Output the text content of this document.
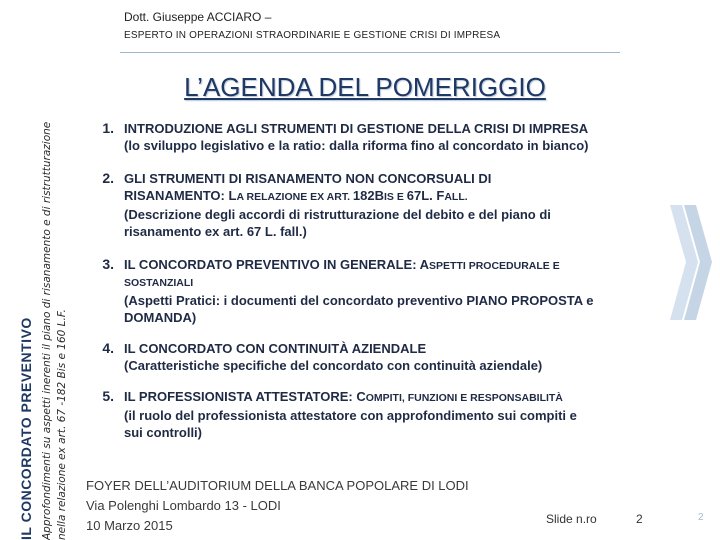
IL CONCORDATO PREVENTIVO Approfondimenti su aspetti inerenti il piano di risanamento e di ristrutturazione nella relazione ex art. 67 -182 Bis e 160 L.F.
Dott. Giuseppe ACCIARO –
ESPERTO IN OPERAZIONI STRAORDINARIE E GESTIONE CRISI DI IMPRESA
L’AGENDA DEL POMERIGGIO
1. INTRODUZIONE AGLI STRUMENTI DI GESTIONE DELLA CRISI DI IMPRESA
(lo sviluppo legislativo e la ratio: dalla riforma fino al concordato in bianco)
2. GLI STRUMENTI DI RISANAMENTO NON CONCORSUALI DI
RISANAMENTO: LA RELAZIONE EX ART. 182BIS E 67L. FALL.
(Descrizione degli accordi di ristrutturazione del debito e del piano di
risanamento ex art. 67 L. fall.)
3. IL CONCORDATO PREVENTIVO IN GENERALE: ASPETTI PROCEDURALE E
SOSTANZIALI
(Aspetti Pratici: i documenti del concordato preventivo PIANO PROPOSTA e
DOMANDA)
4. IL CONCORDATO CON CONTINUITÀ AZIENDALE
(Caratteristiche specifiche del concordato con continuità aziendale)
5. IL PROFESSIONISTA ATTESTATORE: COMPITI, FUNZIONI E RESPONSABILITÀ
(il ruolo del professionista attestatore con approfondimento sui compiti e
sui controlli)
FOYER DELL’AUDITORIUM DELLA BANCA POPOLARE DI LODI
Via Polenghi Lombardo 13 - LODI
10 Marzo 2015	Slide n.ro	2	2
